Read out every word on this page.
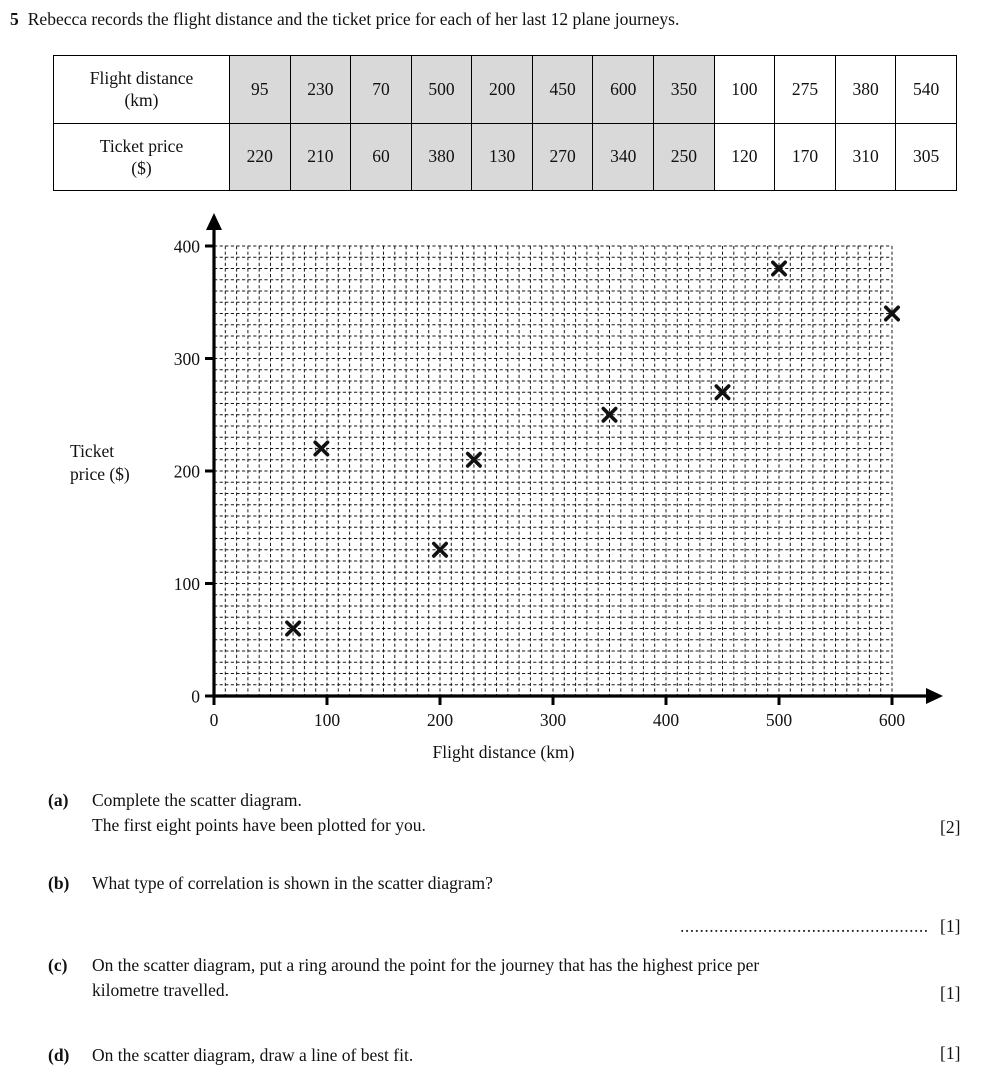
5 Rebecca records the flight distance and the ticket price for each of her last 12 plane journeys.
Flight distance
(km)	95	230	70	500	200	450	600	350	100	275	380	540

Ticket price
($)	220	210	60	380	130	270	340	250	120	170	310	305
0
100
200
300
400
0	100	200	300	400	500	600
Ticket
price ($)
Flight distance (km)
(a)	Complete the scatter diagram.
The first eight points have been plotted for you.	[2]
(b)	What type of correlation is shown in the scatter diagram?
................................................... [1]
(c)	On the scatter diagram, put a ring around the point for the journey that has the highest price per
kilometre travelled.	[1]
(d)	On the scatter diagram, draw a line of best fit.	[1]
